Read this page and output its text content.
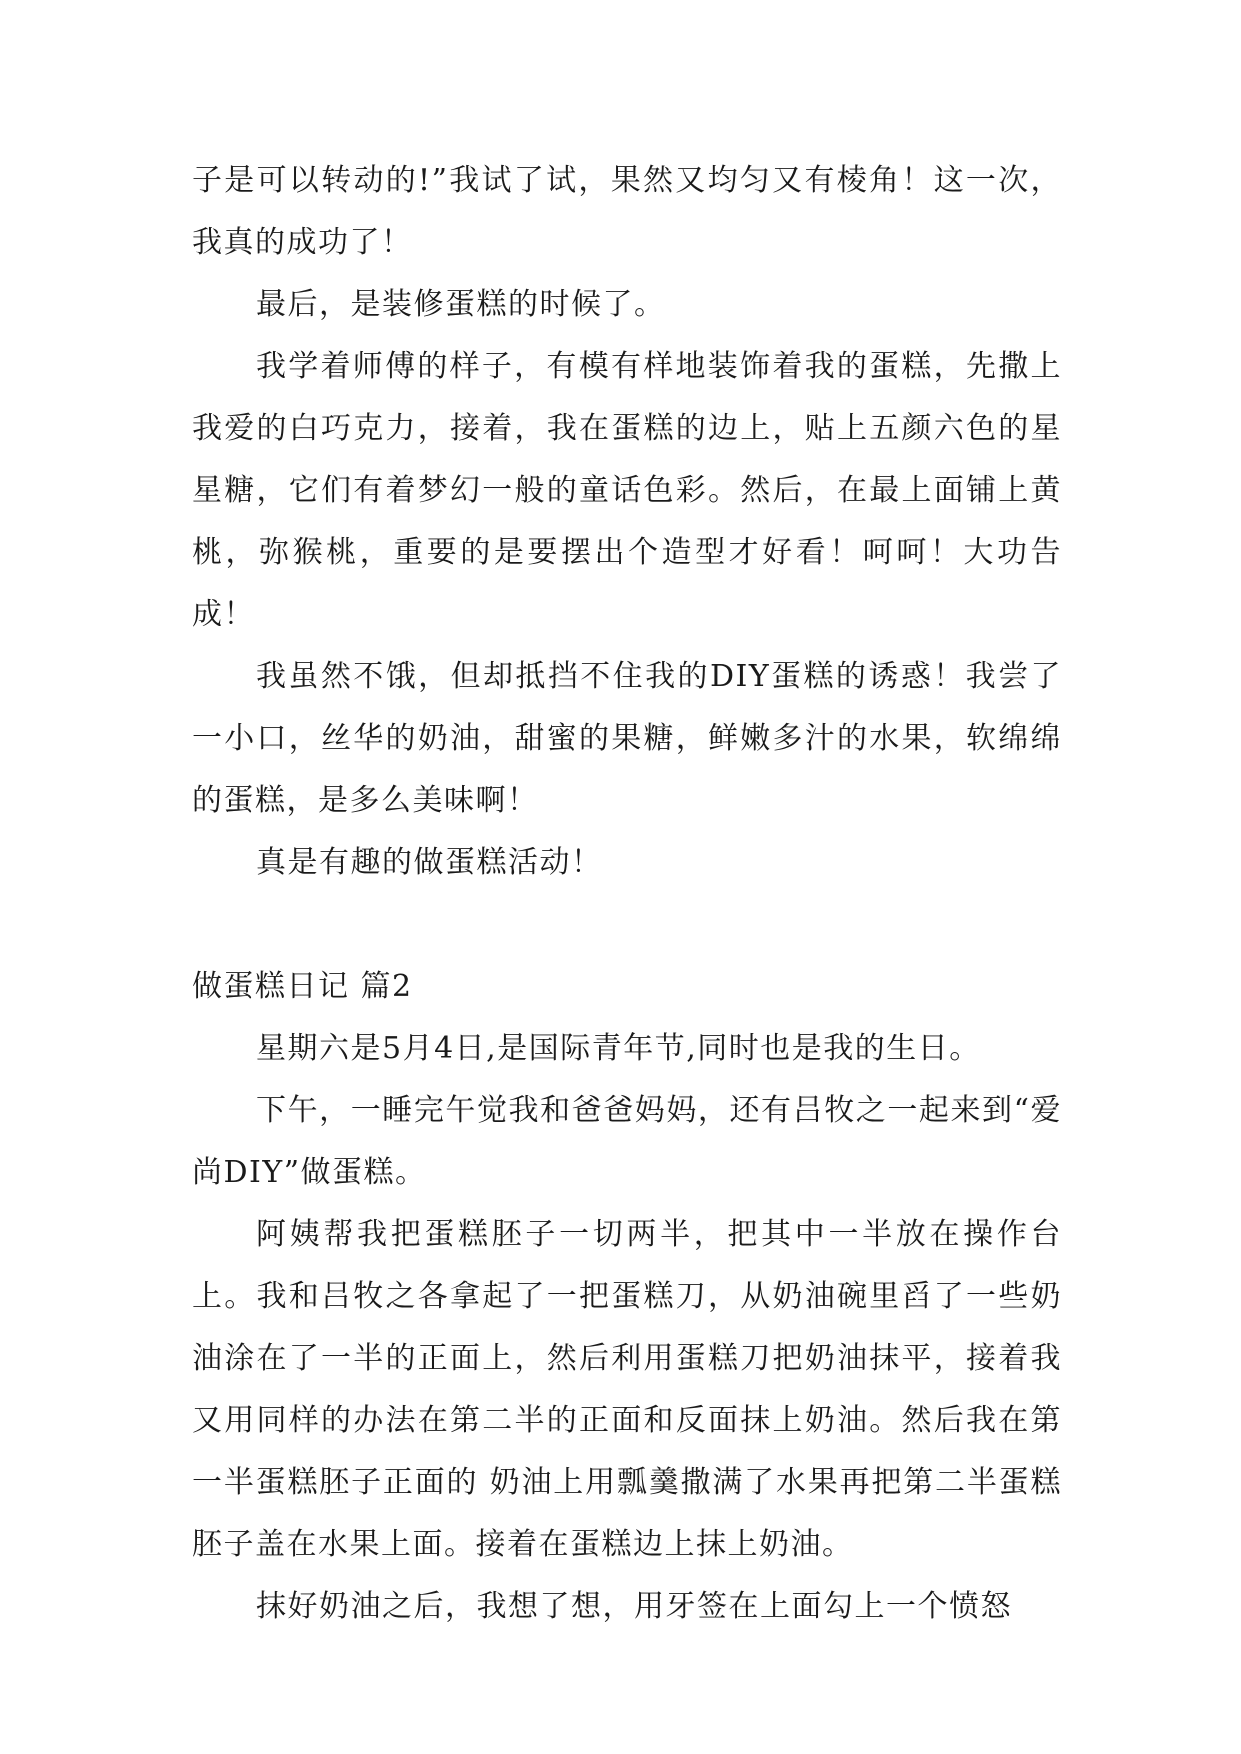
子是可以转动的!”我试了试，果然又均匀又有棱角！这一次，我真的成功了！

最后，是装修蛋糕的时候了。

我学着师傅的样子，有模有样地装饰着我的蛋糕，先撒上我爱的白巧克力，接着，我在蛋糕的边上，贴上五颜六色的星星糖，它们有着梦幻一般的童话色彩。然后，在最上面铺上黄桃，弥猴桃，重要的是要摆出个造型才好看！呵呵！大功告成！

我虽然不饿，但却抵挡不住我的DIY蛋糕的诱惑！我尝了一小口，丝华的奶油，甜蜜的果糖，鲜嫩多汁的水果，软绵绵的蛋糕，是多么美味啊！

真是有趣的做蛋糕活动！

做蛋糕日记 篇2

星期六是5月4日,是国际青年节,同时也是我的生日。

下午，一睡完午觉我和爸爸妈妈，还有吕牧之一起来到“爱尚DIY”做蛋糕。

阿姨帮我把蛋糕胚子一切两半，把其中一半放在操作台上。我和吕牧之各拿起了一把蛋糕刀，从奶油碗里舀了一些奶油涂在了一半的正面上，然后利用蛋糕刀把奶油抹平，接着我又用同样的办法在第二半的正面和反面抹上奶油。然后我在第一半蛋糕胚子正面的 奶油上用瓢羹撒满了水果再把第二半蛋糕胚子盖在水果上面。接着在蛋糕边上抹上奶油。

抹好奶油之后，我想了想，用牙签在上面勾上一个愤怒
